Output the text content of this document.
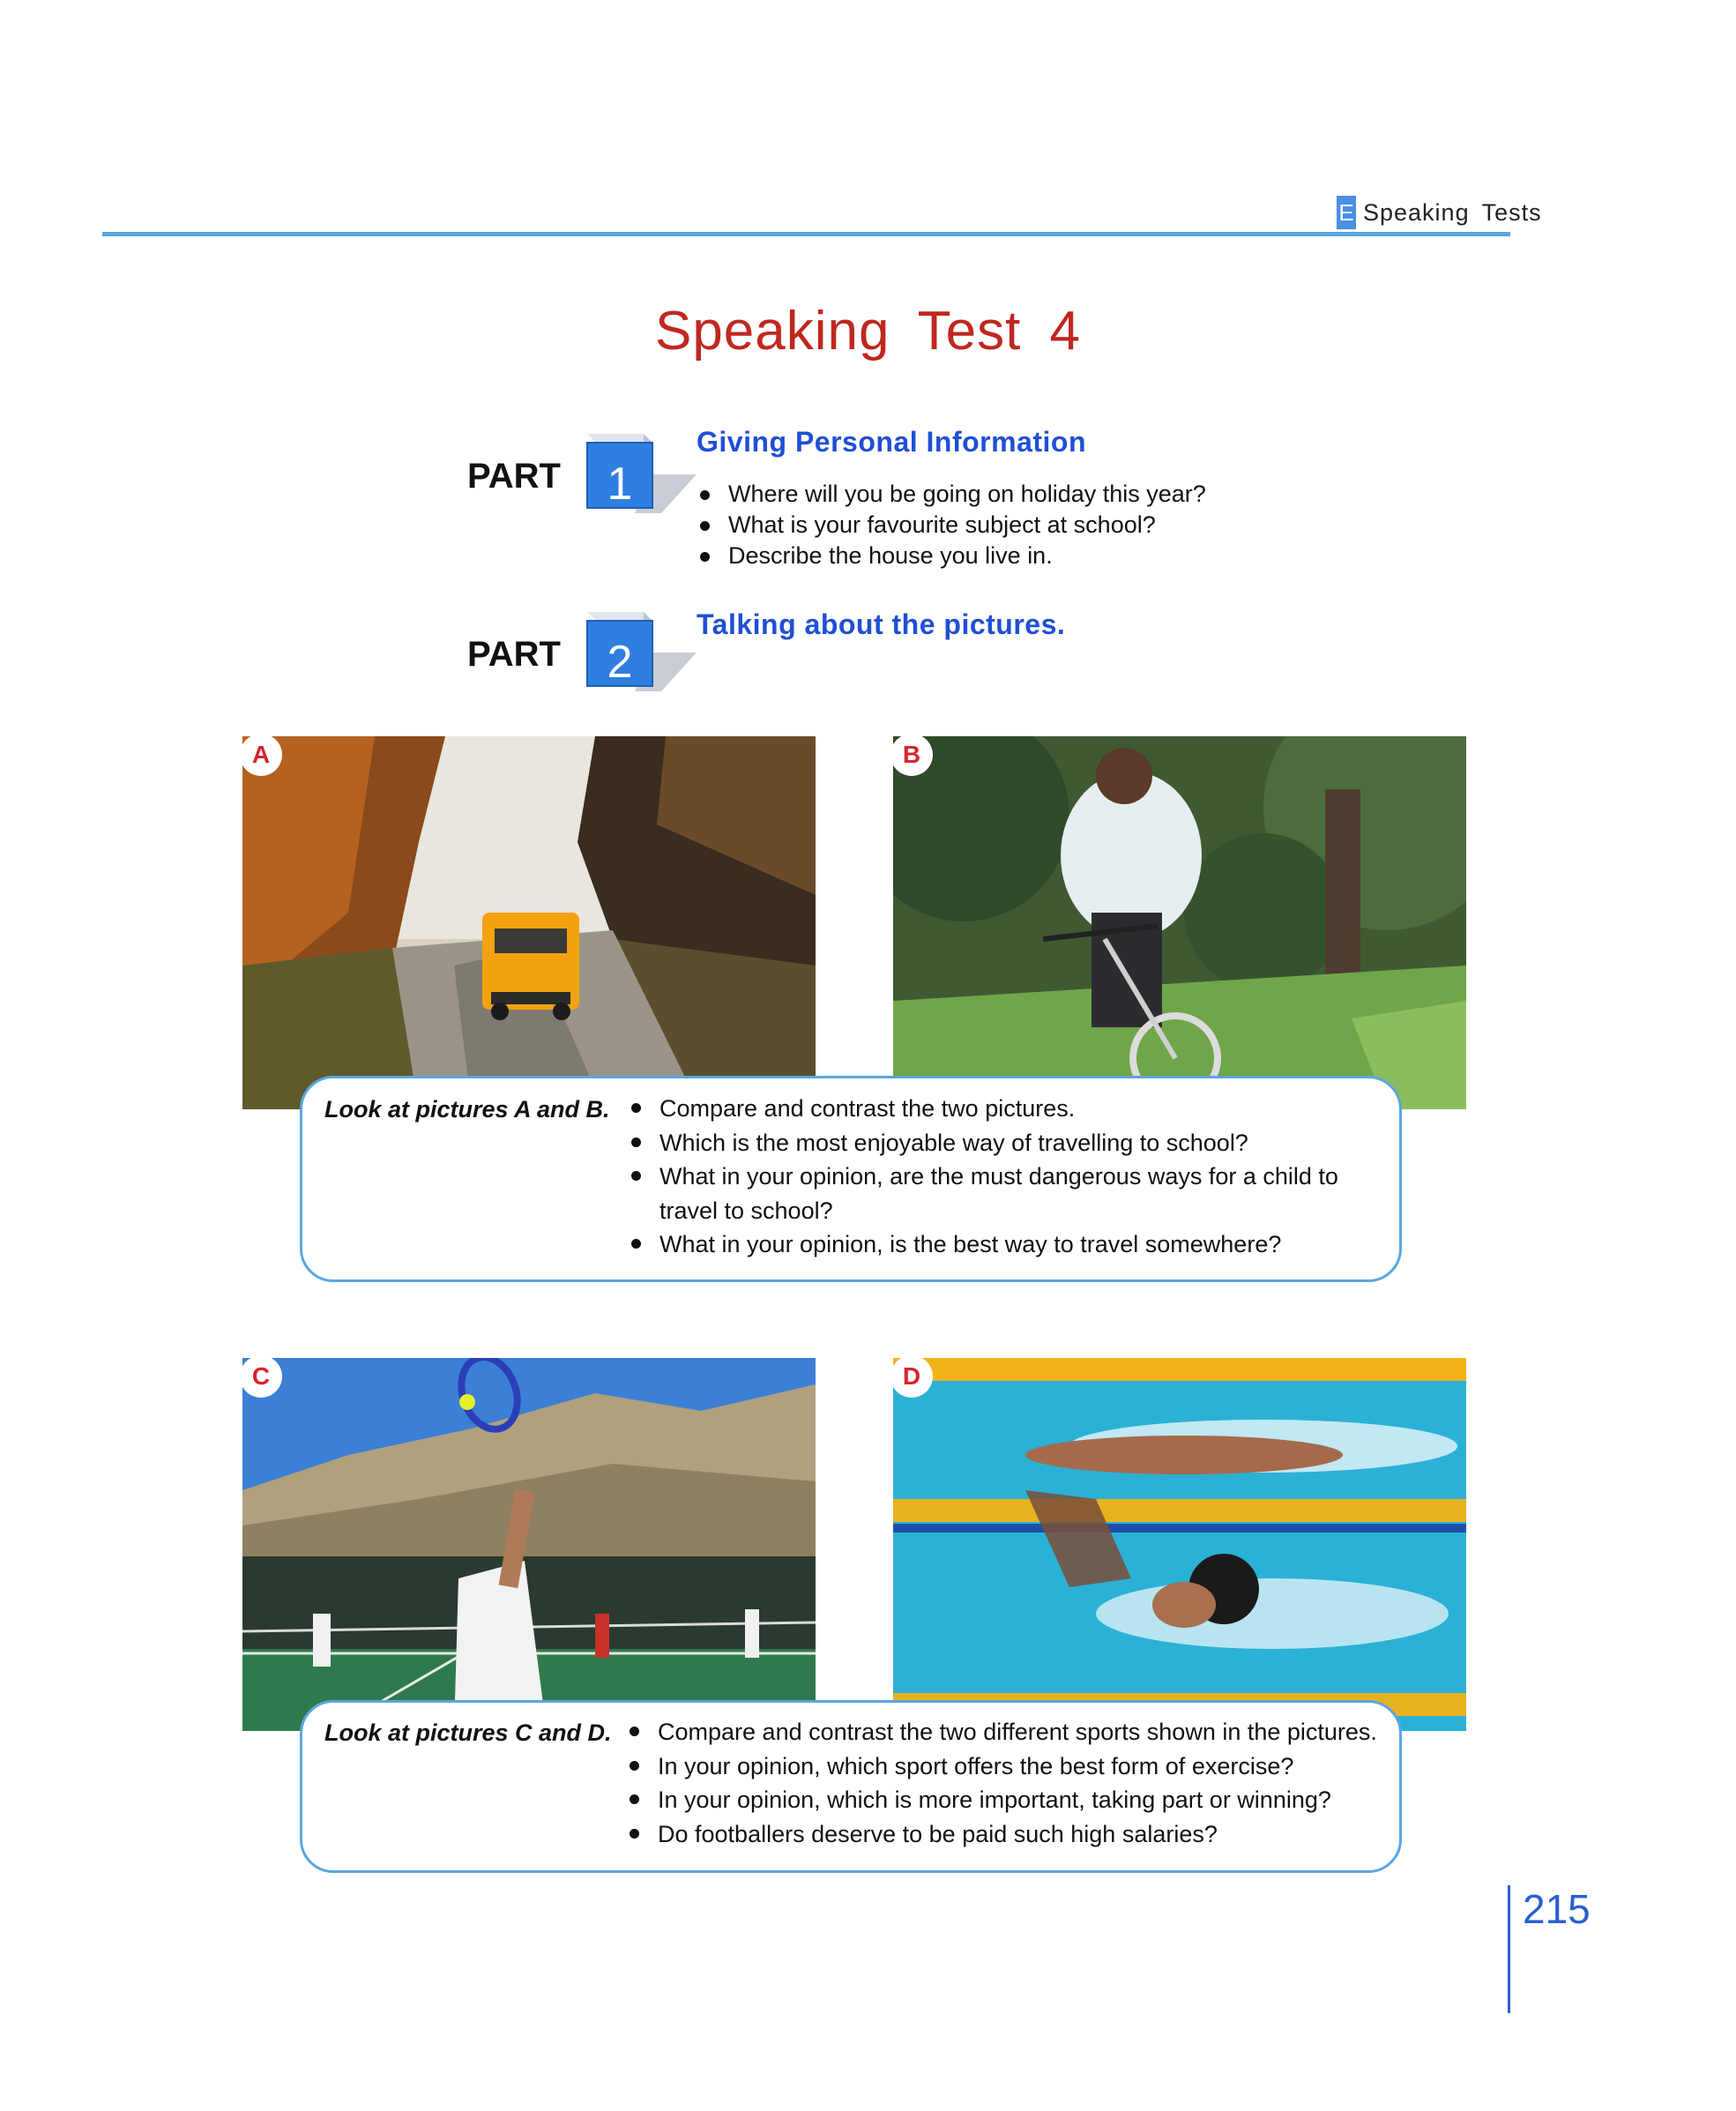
E Speaking Tests
Speaking Test 4
PART	1
Giving Personal Information
Where will you be going on holiday this year?
What is your favourite subject at school?
Describe the house you live in.
PART	2
Talking about the pictures.
A	B
Look at pictures A and B.	Compare and contrast the two pictures.
Which is the most enjoyable way of travelling to school?
What in your opinion, are the must dangerous ways for a child to travel to school?
What in your opinion, is the best way to travel somewhere?
C	D
Look at pictures C and D.	Compare and contrast the two different sports shown in the pictures.
In your opinion, which sport offers the best form of exercise?
In your opinion, which is more important, taking part or winning?
Do footballers deserve to be paid such high salaries?
215
